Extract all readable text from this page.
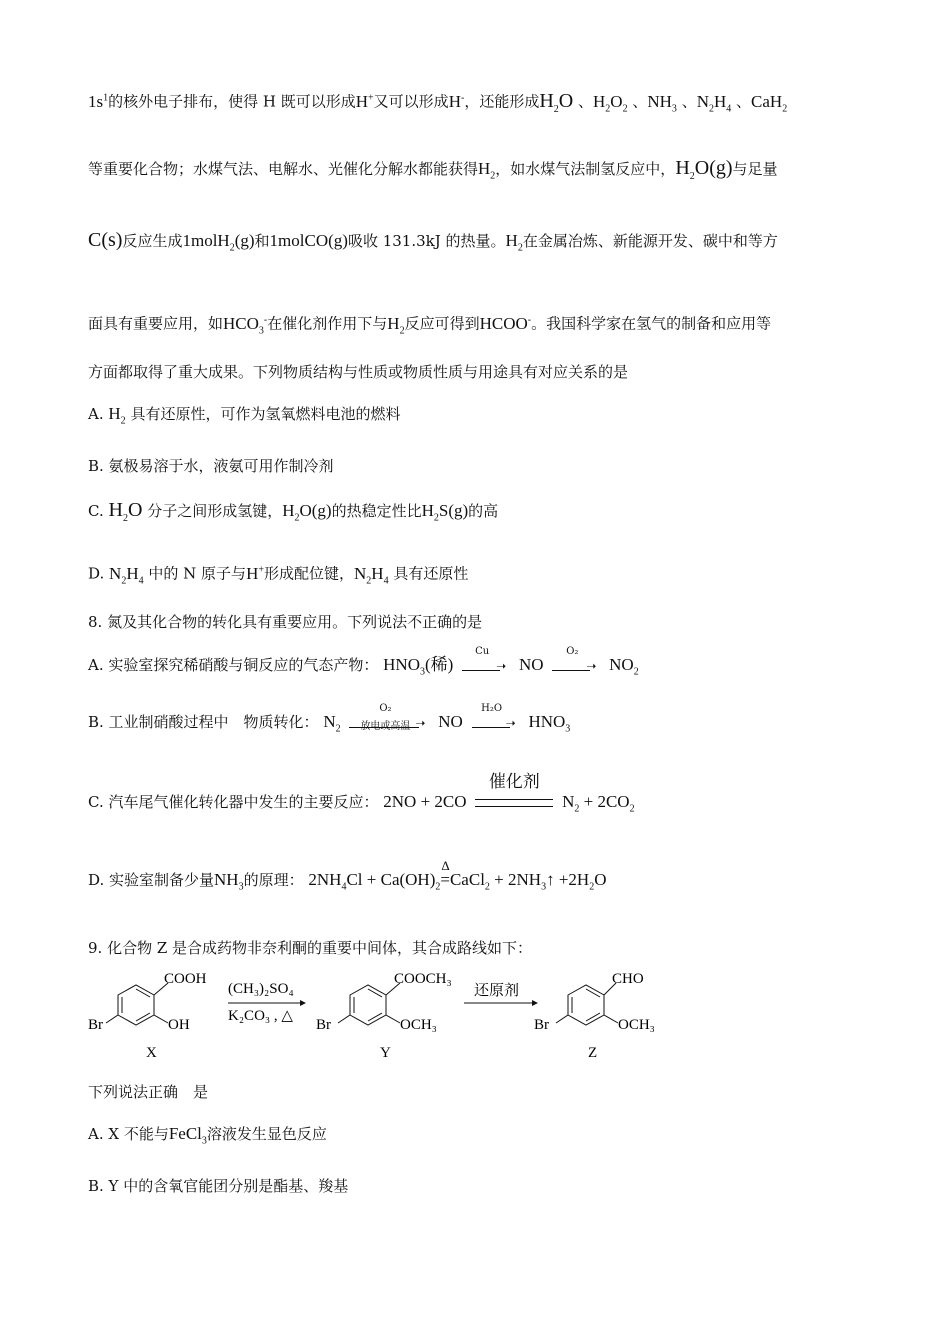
$1s^1$的核外电子排布，使得 H 既可以形成H+又可以形成H-，还能形成$H_2O$ 、$H_2O_2$ 、$NH_3$ 、$N_2H_4$ 、CaH$_2$
等重要化合物；水煤气法、电解水、光催化分解水都能获得$H_2$，如水煤气法制氢反应中，$H_2O(g)$与足量
C(s)反应生成1molH$_2$(g)和1molCO(g)吸收 131.3kJ 的热量。$H_2$在金属冶炼、新能源开发、碳中和等方
面具有重要应用，如$HCO_3^-$在催化剂作用下与$H_2$反应可得到HCOO-。我国科学家在氢气的制备和应用等
方面都取得了重大成果。下列物质结构与性质或物质性质与用途具有对应关系的是
A. $H_2$ 具有还原性，可作为氢氧燃料电池的燃料
B. 氨极易溶于水，液氨可用作制冷剂
C. $H_2O$ 分子之间形成氢键，$H_2O(g)$的热稳定性比$H_2S(g)$的高
D. $N_2H_4$ 中的 N 原子与H+形成配位键，$N_2H_4$ 具有还原性
8. 氮及其化合物的转化具有重要应用。下列说法不正确的是
A. 实验室探究稀硝酸与铜反应的气态产物： $HNO_3$(稀)
Cu
➝ NO
O₂
➝ $NO_2$
B. 工业制硝酸过程中　物质转化： $N_2$
O₂
➝
放电或高温	NO
H₂O
➝ $HNO_3$
C. 汽车尾气催化转化器中发生的主要反应： 2NO + 2CO
催化剂
$N_2 + 2CO_2$
D. 实验室制备少量$NH_3$的原理： $2NH_4Cl + Ca(OH)_2$
Δ
=CaCl$_2$ + $2NH_3↑ +2H_2O$
9. 化合物 Z 是合成药物非奈利酮的重要中间体，其合成路线如下：
COOH
OH
Br
X
(CH₃)₂SO₄
K₂CO₃ , △
COOCH₃
OCH₃
Br
Y
还原剂
CHO
OCH₃
Br
Z
下列说法正确　是
A. X 不能与FeCl$_3$溶液发生显色反应
B. Y 中的含氧官能团分别是酯基、羧基
